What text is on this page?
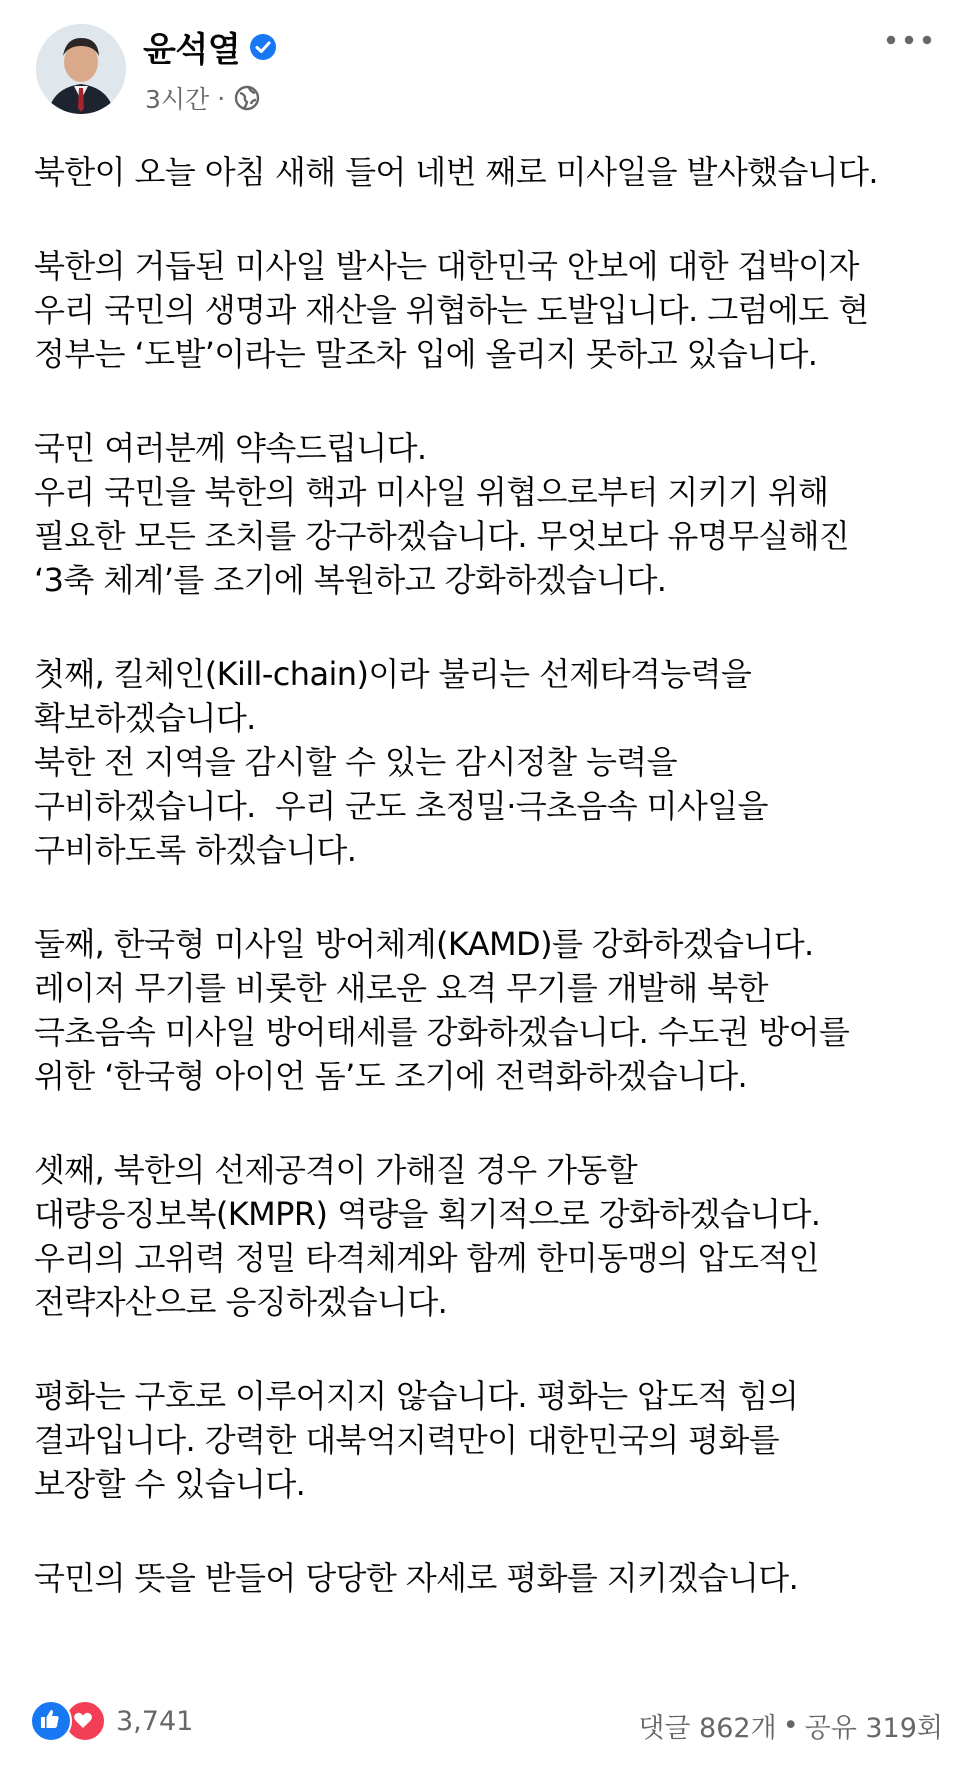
윤석열
3시간 ·
북한이 오늘 아침 새해 들어 네번 째로 미사일을 발사했습니다.
북한의 거듭된 미사일 발사는 대한민국 안보에 대한 겁박이자
우리 국민의 생명과 재산을 위협하는 도발입니다. 그럼에도 현
정부는 ‘도발’이라는 말조차 입에 올리지 못하고 있습니다.
국민 여러분께 약속드립니다.
우리 국민을 북한의 핵과 미사일 위협으로부터 지키기 위해
필요한 모든 조치를 강구하겠습니다. 무엇보다 유명무실해진
‘3축 체계’를 조기에 복원하고 강화하겠습니다.
첫째, 킬체인(Kill-chain)이라 불리는 선제타격능력을
확보하겠습니다.
북한 전 지역을 감시할 수 있는 감시정찰 능력을
구비하겠습니다.  우리 군도 초정밀·극초음속 미사일을
구비하도록 하겠습니다.
둘째, 한국형 미사일 방어체계(KAMD)를 강화하겠습니다.
레이저 무기를 비롯한 새로운 요격 무기를 개발해 북한
극초음속 미사일 방어태세를 강화하겠습니다. 수도권 방어를
위한 ‘한국형 아이언 돔’도 조기에 전력화하겠습니다.
셋째, 북한의 선제공격이 가해질 경우 가동할
대량응징보복(KMPR) 역량을 획기적으로 강화하겠습니다.
우리의 고위력 정밀 타격체계와 함께 한미동맹의 압도적인
전략자산으로 응징하겠습니다.
평화는 구호로 이루어지지 않습니다. 평화는 압도적 힘의
결과입니다. 강력한 대북억지력만이 대한민국의 평화를
보장할 수 있습니다.
국민의 뜻을 받들어 당당한 자세로 평화를 지키겠습니다.
3,741	댓글 862개 • 공유 319회
